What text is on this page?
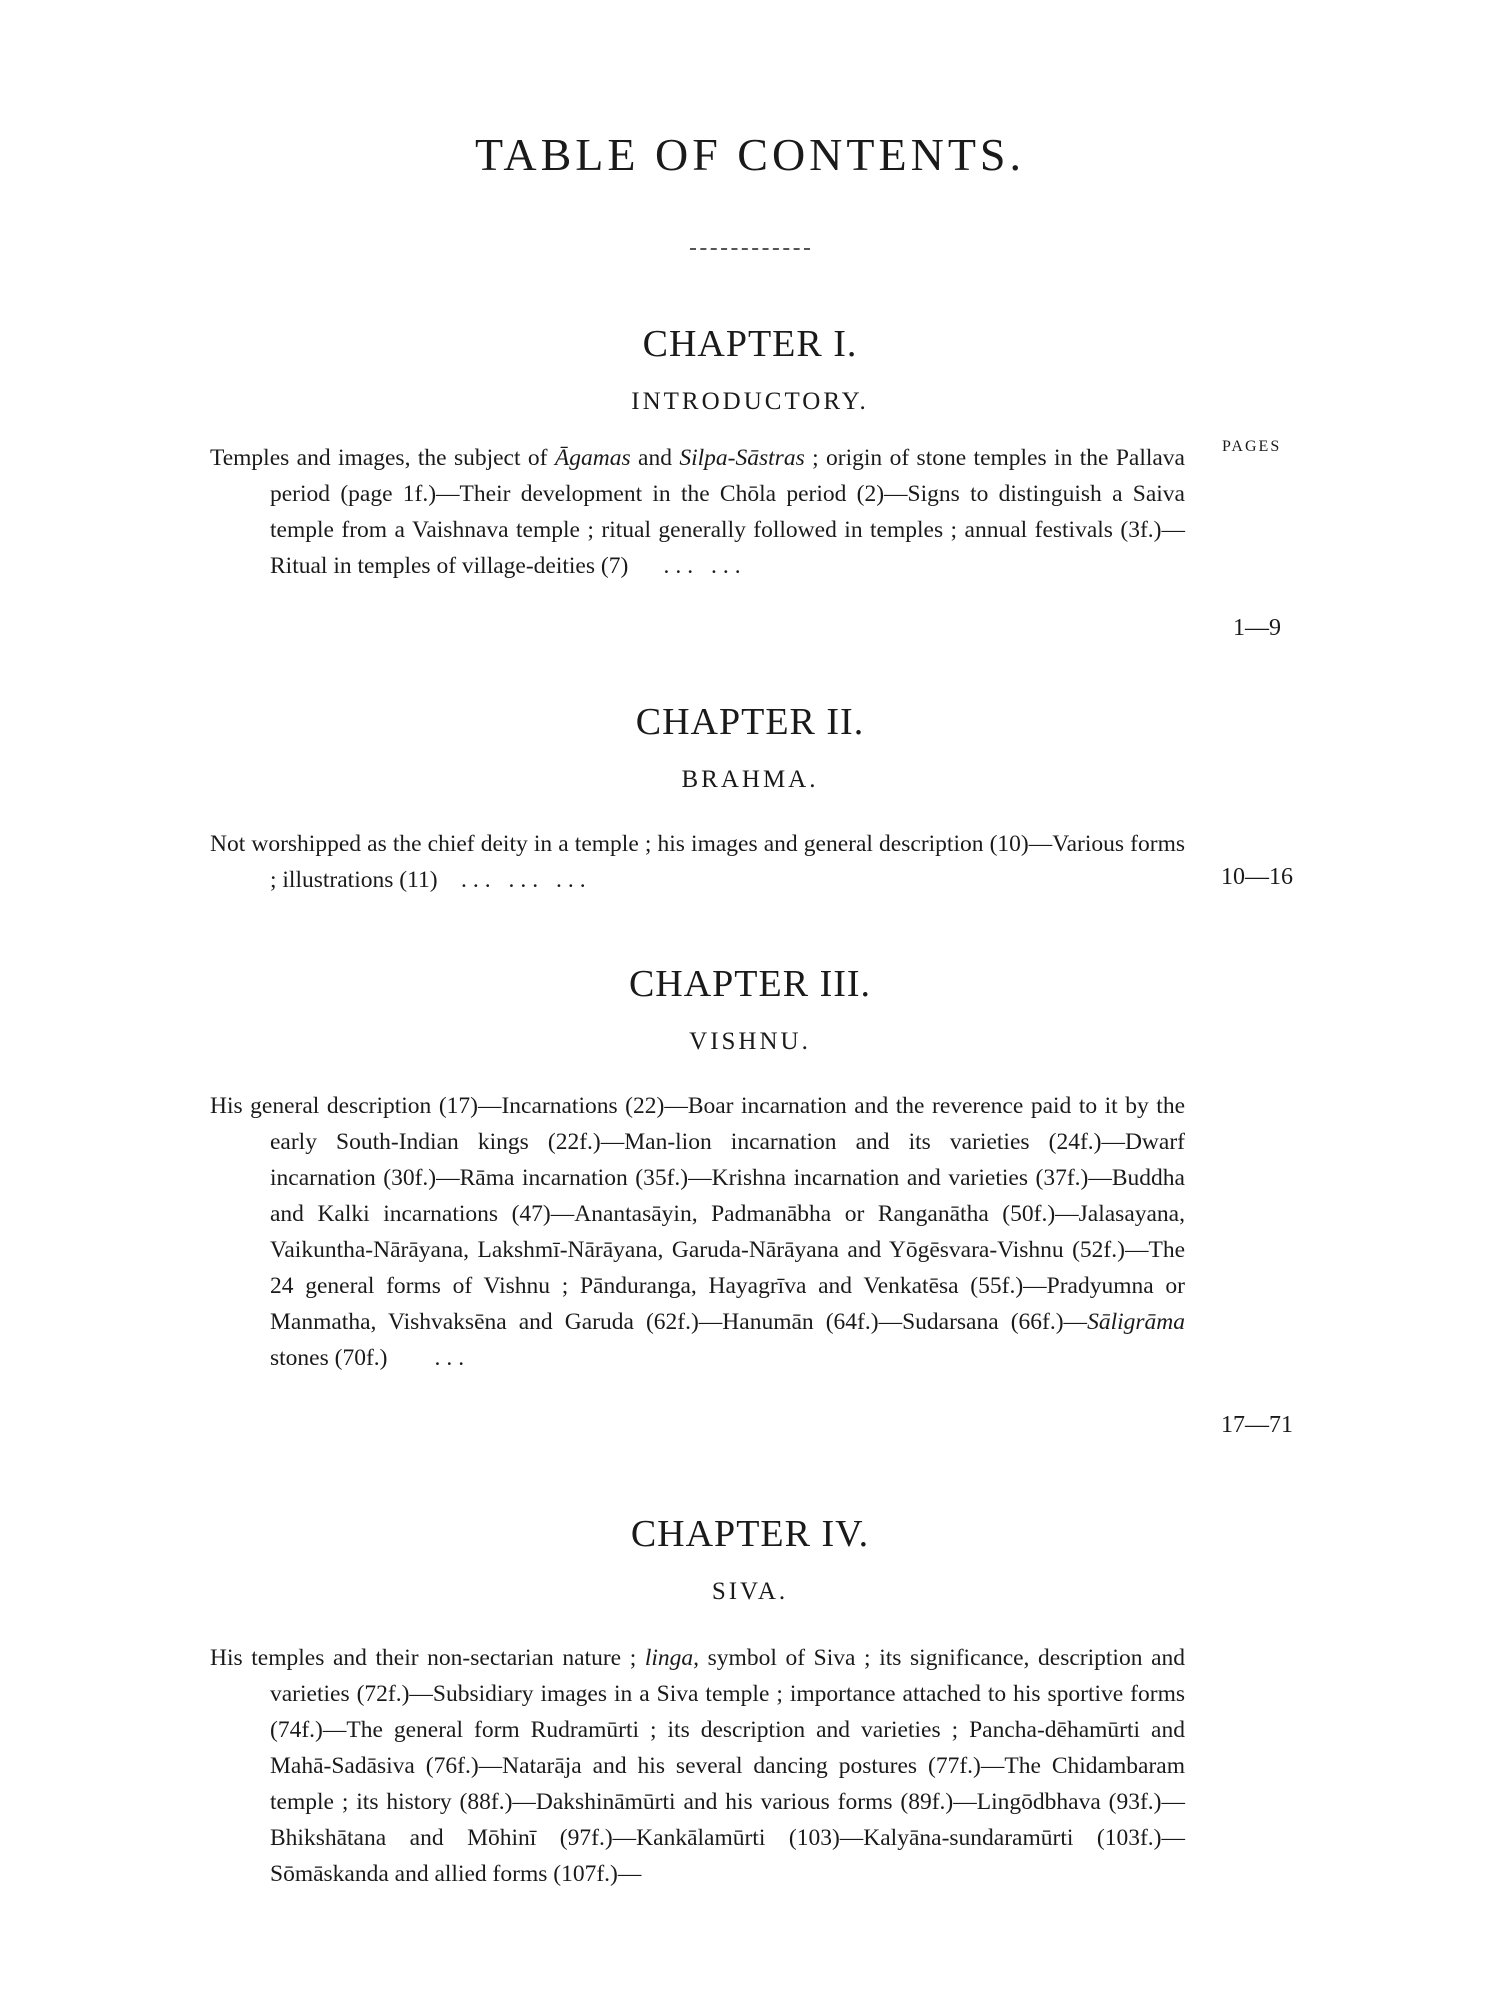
TABLE OF CONTENTS.
PAGES
CHAPTER I.
INTRODUCTORY.

Temples and images, the subject of Āgamas and Silpa-Sāstras ; origin of stone temples in the Pallava period (page 1f.)—Their development in the Chōla period (2)—Signs to distinguish a Saiva temple from a Vaishnava temple ; ritual generally followed in temples ; annual festivals (3f.)—Ritual in temples of village-deities (7) ... ...

1—9
CHAPTER II.
BRAHMA.

Not worshipped as the chief deity in a temple ; his images and general description (10)—Various forms ; illustrations (11) ... ... ...	10—16
CHAPTER III.
VISHNU.

His general description (17)—Incarnations (22)—Boar incarnation and the reverence paid to it by the early South-Indian kings (22f.)—Man-lion incarnation and its varieties (24f.)—Dwarf incarnation (30f.)—Rāma incarnation (35f.)—Krishna incarnation and varieties (37f.)—Buddha and Kalki incarnations (47)—Anantasāyin, Padmanābha or Ranganātha (50f.)—Jalasayana, Vaikuntha-Nārāyana, Lakshmī-Nārāyana, Garuda-Nārāyana and Yōgēsvara-Vishnu (52f.)—The 24 general forms of Vishnu ; Pānduranga, Hayagrīva and Venkatēsa (55f.)—Pradyumna or Manmatha, Vishvaksēna and Garuda (62f.)—Hanumān (64f.)—Sudarsana (66f.)—Sāligrāma stones (70f.) ...

17—71
CHAPTER IV.
SIVA.

His temples and their non-sectarian nature ; linga, symbol of Siva ; its significance, description and varieties (72f.)—Subsidiary images in a Siva temple ; importance attached to his sportive forms (74f.)—The general form Rudramūrti ; its description and varieties ; Pancha-dēhamūrti and Mahā-Sadāsiva (76f.)—Natarāja and his several dancing postures (77f.)—The Chidambaram temple ; its history (88f.)—Dakshināmūrti and his various forms (89f.)—Lingōdbhava (93f.)—Bhikshātana and Mōhinī (97f.)—Kankālamūrti (103)—Kalyāna-sundaramūrti (103f.)—Sōmāskanda and allied forms (107f.)—
